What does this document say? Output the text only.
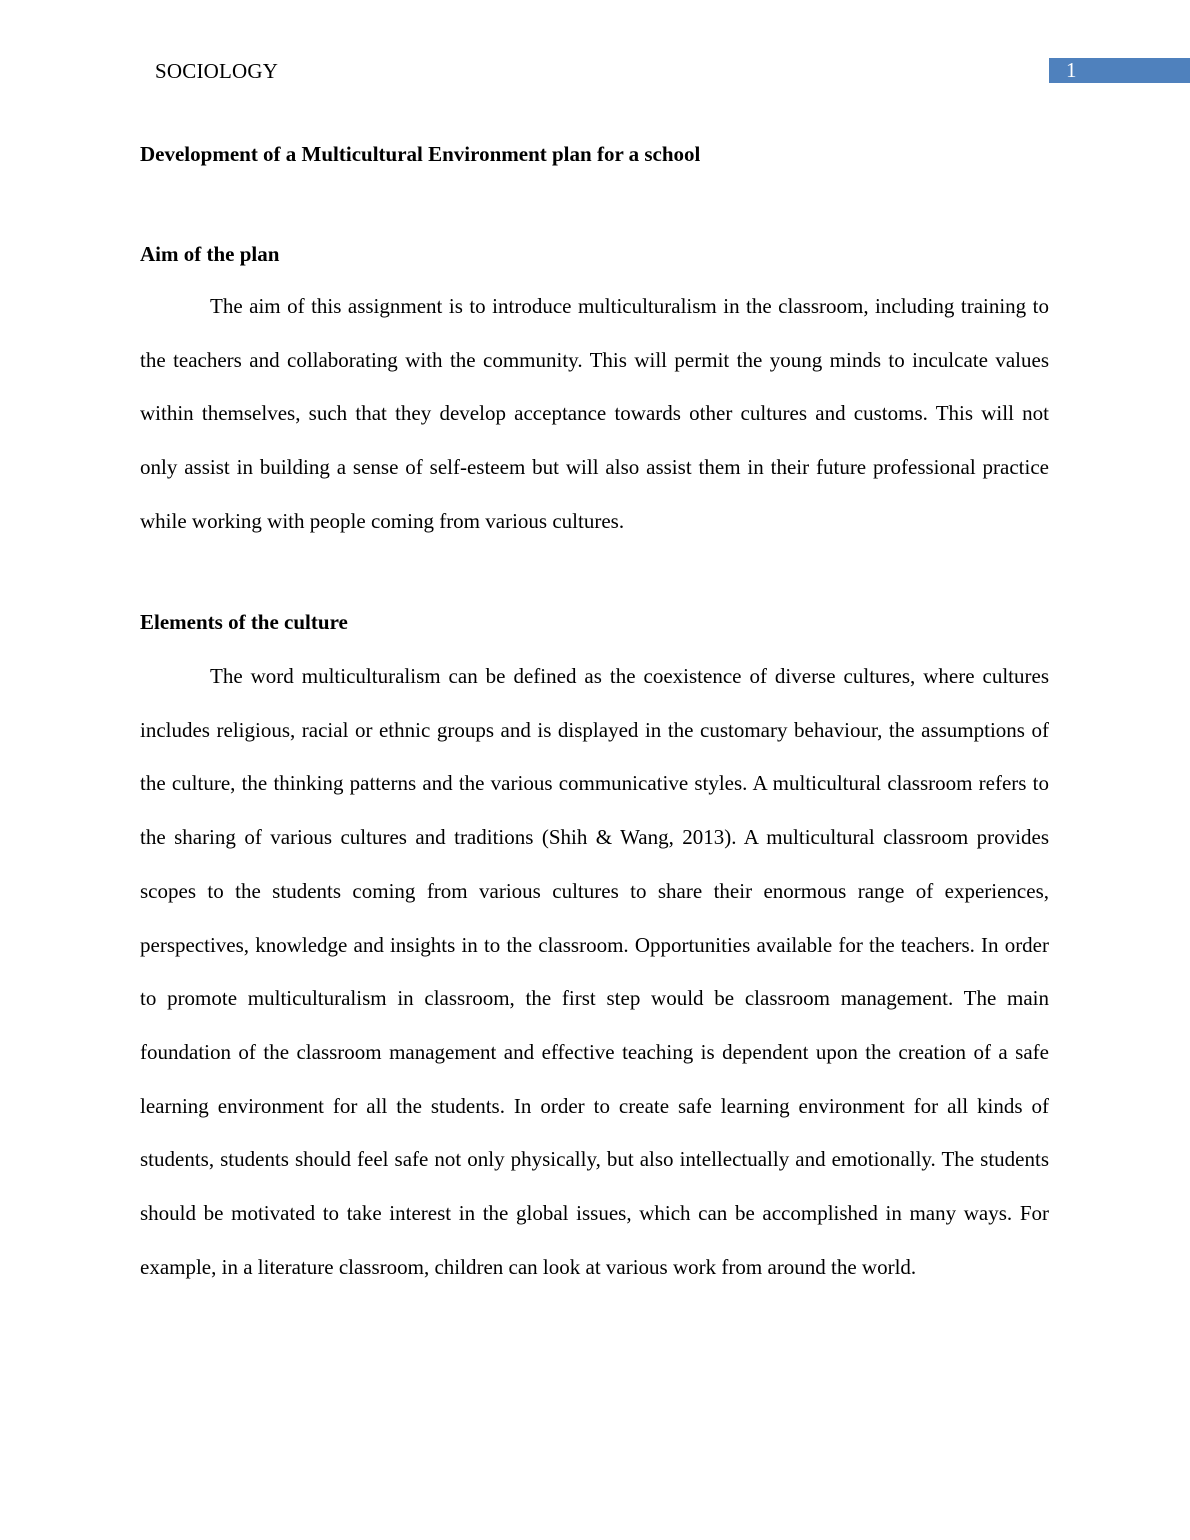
SOCIOLOGY	1
Development of a Multicultural Environment plan for a school
Aim of the plan

The aim of this assignment is to introduce multiculturalism in the classroom, including training to the teachers and collaborating with the community. This will permit the young minds to inculcate values within themselves, such that they develop acceptance towards other cultures and customs. This will not only assist in building a sense of self-esteem but will also assist them in their future professional practice while working with people coming from various cultures.

Elements of the culture

The word multiculturalism can be defined as the coexistence of diverse cultures, where cultures includes religious, racial or ethnic groups and is displayed in the customary behaviour, the assumptions of the culture, the thinking patterns and the various communicative styles. A multicultural classroom refers to the sharing of various cultures and traditions (Shih & Wang, 2013). A multicultural classroom provides scopes to the students coming from various cultures to share their enormous range of experiences, perspectives, knowledge and insights in to the classroom. Opportunities available for the teachers. In order to promote multiculturalism in classroom, the first step would be classroom management. The main foundation of the classroom management and effective teaching is dependent upon the creation of a safe learning environment for all the students. In order to create safe learning environment for all kinds of students, students should feel safe not only physically, but also intellectually and emotionally. The students should be motivated to take interest in the global issues, which can be accomplished in many ways. For example, in a literature classroom, children can look at various work from around the world.
